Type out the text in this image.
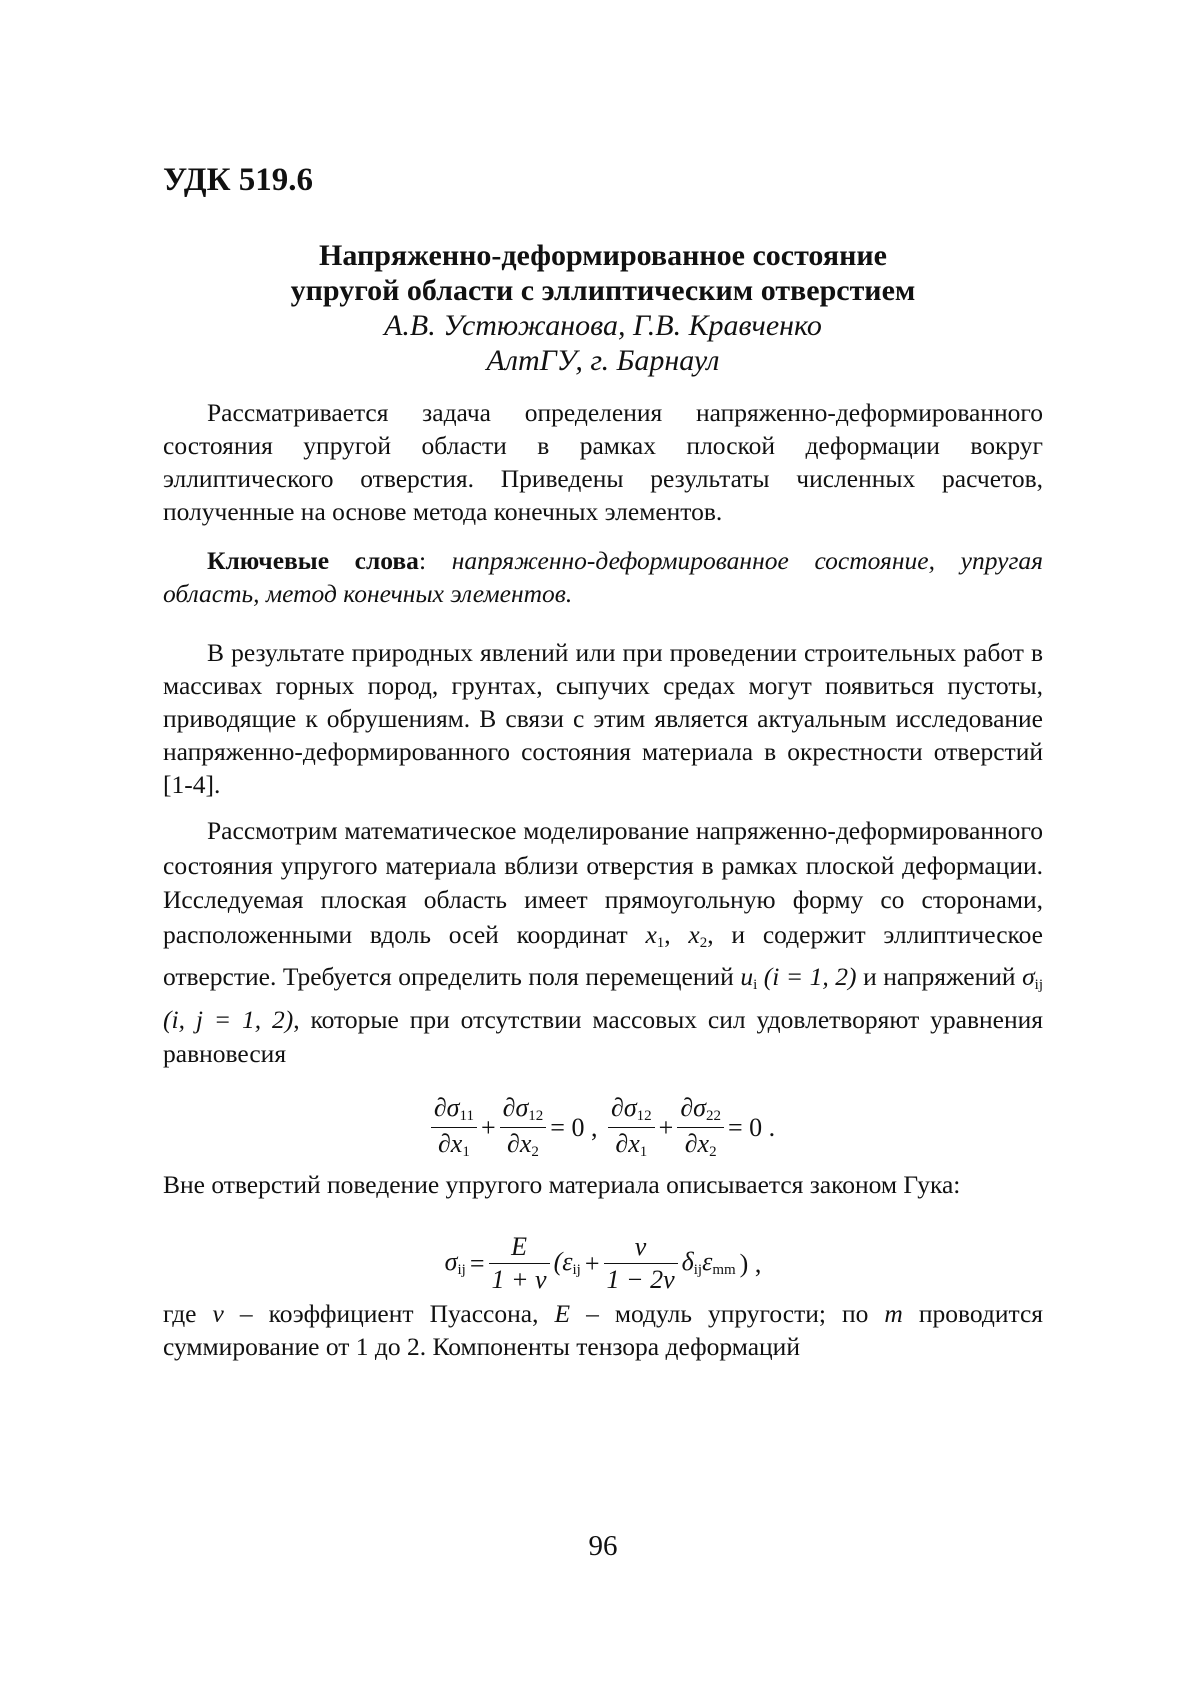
УДК 519.6

Напряженно-деформированное состояние

упругой области с эллиптическим отверстием

А.В. Устюжанова, Г.В. Кравченко

АлтГУ, г. Барнаул

Рассматривается задача определения напряженно-деформированного состояния упругой области в рамках плоской деформации вокруг эллиптического отверстия. Приведены результаты численных расчетов, полученные на основе метода конечных элементов.

Ключевые слова: напряженно-деформированное состояние, упругая область, метод конечных элементов.

В результате природных явлений или при проведении строительных работ в массивах горных пород, грунтах, сыпучих средах могут появиться пустоты, приводящие к обрушениям. В связи с этим является актуальным исследование напряженно-деформированного состояния материала в окрестности отверстий [1-4].

Рассмотрим математическое моделирование напряженно-деформированного состояния упругого материала вблизи отверстия в рамках плоской деформации. Исследуемая плоская область имеет прямоугольную форму со сторонами, расположенными вдоль осей координат $x_1$, $x_2$, и содержит эллиптическое отверстие. Требуется определить поля перемещений $u_i$ (i = 1, 2) и напряжений $\sigma_{ij}$ (i, j = 1, 2), которые при отсутствии массовых сил удовлетворяют уравнения равновесия

$\frac{\partial\sigma_{11}}{\partial x_1} + \frac{\partial\sigma_{12}}{\partial x_2} = 0$ , $\frac{\partial\sigma_{12}}{\partial x_1} + \frac{\partial\sigma_{22}}{\partial x_2} = 0$ .

Вне отверстий поведение упругого материала описывается законом Гука:

$\sigma_{ij} = \frac{E}{1 + \nu} (\varepsilon_{ij} + \frac{\nu}{1 - 2\nu} \delta_{ij}\varepsilon_{mm}$ ) ,

где ν – коэффициент Пуассона, E – модуль упругости; по m проводится суммирование от 1 до 2. Компоненты тензора деформаций

96
